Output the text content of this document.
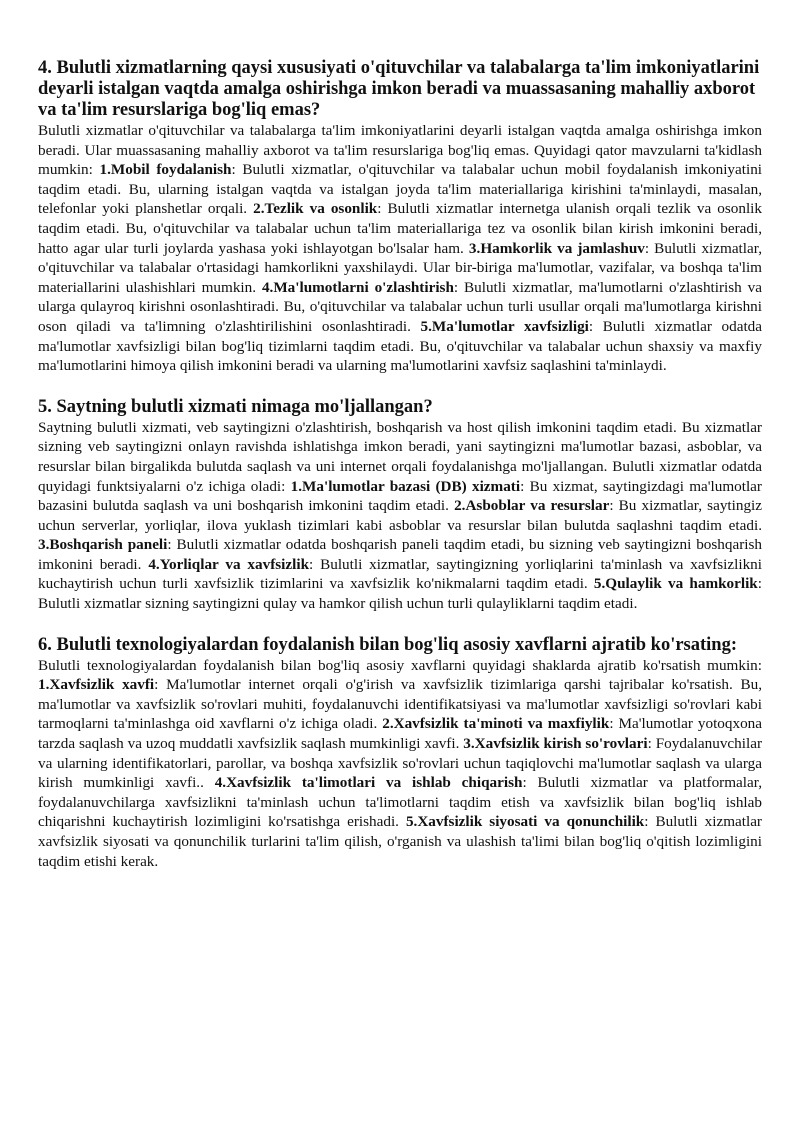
4. Bulutli xizmatlarning qaysi xususiyati o'qituvchilar va talabalarga ta'lim imkoniyatlarini deyarli istalgan vaqtda amalga oshirishga imkon beradi va muassasaning mahalliy axborot va ta'lim resurslariga bog'liq emas?

Bulutli xizmatlar o'qituvchilar va talabalarga ta'lim imkoniyatlarini deyarli istalgan vaqtda amalga oshirishga imkon beradi. Ular muassasaning mahalliy axborot va ta'lim resurslariga bog'liq emas. Quyidagi qator mavzularni ta'kidlash mumkin: 1.Mobil foydalanish: Bulutli xizmatlar, o'qituvchilar va talabalar uchun mobil foydalanish imkoniyatini taqdim etadi. Bu, ularning istalgan vaqtda va istalgan joyda ta'lim materiallariga kirishini ta'minlaydi, masalan, telefonlar yoki planshetlar orqali. 2.Tezlik va osonlik: Bulutli xizmatlar internetga ulanish orqali tezlik va osonlik taqdim etadi. Bu, o'qituvchilar va talabalar uchun ta'lim materiallariga tez va osonlik bilan kirish imkonini beradi, hatto agar ular turli joylarda yashasa yoki ishlayotgan bo'lsalar ham. 3.Hamkorlik va jamlashuv: Bulutli xizmatlar, o'qituvchilar va talabalar o'rtasidagi hamkorlikni yaxshilaydi. Ular bir-biriga ma'lumotlar, vazifalar, va boshqa ta'lim materiallarini ulashishlari mumkin. 4.Ma'lumotlarni o'zlashtirish: Bulutli xizmatlar, ma'lumotlarni o'zlashtirish va ularga qulayroq kirishni osonlashtiradi. Bu, o'qituvchilar va talabalar uchun turli usullar orqali ma'lumotlarga kirishni oson qiladi va ta'limning o'zlashtirilishini osonlashtiradi. 5.Ma'lumotlar xavfsizligi: Bulutli xizmatlar odatda ma'lumotlar xavfsizligi bilan bog'liq tizimlarni taqdim etadi. Bu, o'qituvchilar va talabalar uchun shaxsiy va maxfiy ma'lumotlarini himoya qilish imkonini beradi va ularning ma'lumotlarini xavfsiz saqlashini ta'minlaydi.

5. Saytning bulutli xizmati nimaga mo'ljallangan?

Saytning bulutli xizmati, veb saytingizni o'zlashtirish, boshqarish va host qilish imkonini taqdim etadi. Bu xizmatlar sizning veb saytingizni onlayn ravishda ishlatishga imkon beradi, yani saytingizni ma'lumotlar bazasi, asboblar, va resurslar bilan birgalikda bulutda saqlash va uni internet orqali foydalanishga mo'ljallangan. Bulutli xizmatlar odatda quyidagi funktsiyalarni o'z ichiga oladi: 1.Ma'lumotlar bazasi (DB) xizmati: Bu xizmat, saytingizdagi ma'lumotlar bazasini bulutda saqlash va uni boshqarish imkonini taqdim etadi. 2.Asboblar va resurslar: Bu xizmatlar, saytingiz uchun serverlar, yorliqlar, ilova yuklash tizimlari kabi asboblar va resurslar bilan bulutda saqlashni taqdim etadi. 3.Boshqarish paneli: Bulutli xizmatlar odatda boshqarish paneli taqdim etadi, bu sizning veb saytingizni boshqarish imkonini beradi. 4.Yorliqlar va xavfsizlik: Bulutli xizmatlar, saytingizning yorliqlarini ta'minlash va xavfsizlikni kuchaytirish uchun turli xavfsizlik tizimlarini va xavfsizlik ko'nikmalarni taqdim etadi. 5.Qulaylik va hamkorlik: Bulutli xizmatlar sizning saytingizni qulay va hamkor qilish uchun turli qulayliklarni taqdim etadi.

6. Bulutli texnologiyalardan foydalanish bilan bog'liq asosiy xavflarni ajratib ko'rsating:

Bulutli texnologiyalardan foydalanish bilan bog'liq asosiy xavflarni quyidagi shaklarda ajratib ko'rsatish mumkin: 1.Xavfsizlik xavfi: Ma'lumotlar internet orqali o'g'irish va xavfsizlik tizimlariga qarshi tajribalar ko'rsatish. Bu, ma'lumotlar va xavfsizlik so'rovlari muhiti, foydalanuvchi identifikatsiyasi va ma'lumotlar xavfsizligi so'rovlari kabi tarmoqlarni ta'minlashga oid xavflarni o'z ichiga oladi. 2.Xavfsizlik ta'minoti va maxfiylik: Ma'lumotlar yotoqxona tarzda saqlash va uzoq muddatli xavfsizlik saqlash mumkinligi xavfi. 3.Xavfsizlik kirish so'rovlari: Foydalanuvchilar va ularning identifikatorlari, parollar, va boshqa xavfsizlik so'rovlari uchun taqiqlovchi ma'lumotlar saqlash va ularga kirish mumkinligi xavfi.. 4.Xavfsizlik ta'limotlari va ishlab chiqarish: Bulutli xizmatlar va platformalar, foydalanuvchilarga xavfsizlikni ta'minlash uchun ta'limotlarni taqdim etish va xavfsizlik bilan bog'liq ishlab chiqarishni kuchaytirish lozimligini ko'rsatishga erishadi. 5.Xavfsizlik siyosati va qonunchilik: Bulutli xizmatlar xavfsizlik siyosati va qonunchilik turlarini ta'lim qilish, o'rganish va ulashish ta'limi bilan bog'liq o'qitish lozimligini taqdim etishi kerak.
